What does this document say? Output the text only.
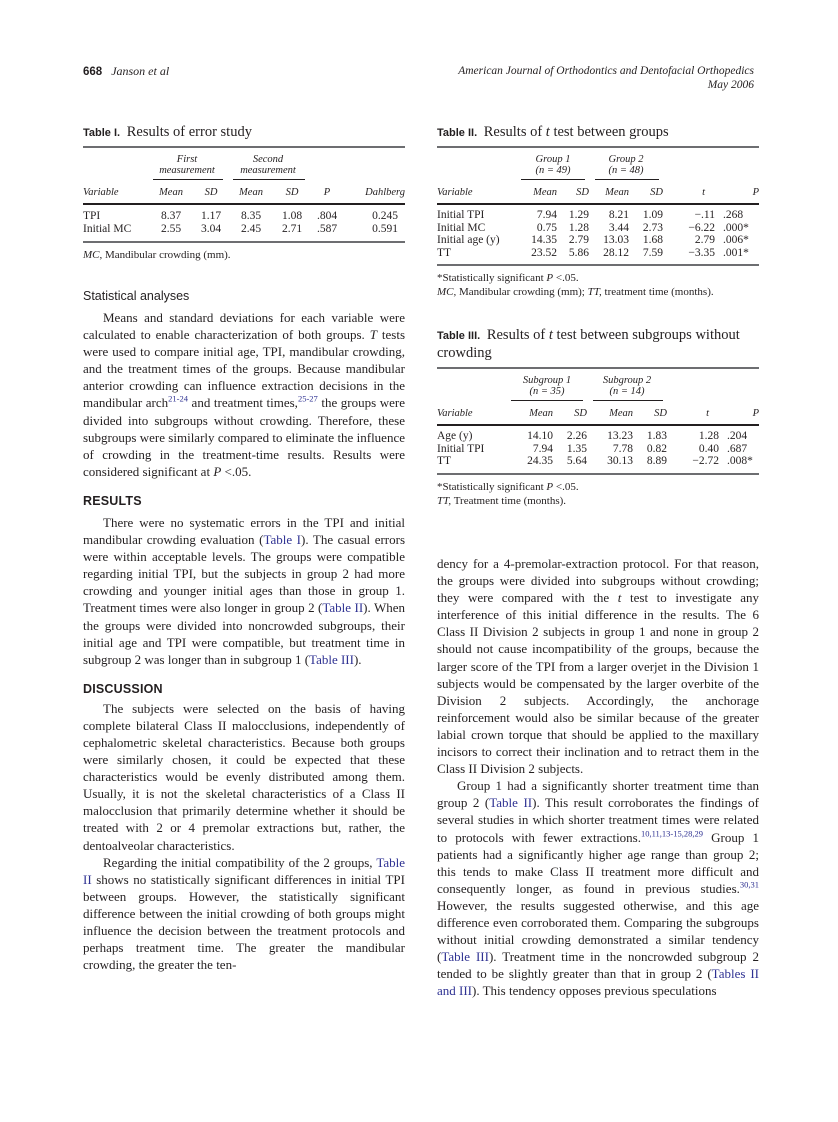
668 Janson et al	American Journal of Orthodontics and Dentofacial Orthopedics
May 2006
Table I. Results of error study

First
measurement

Second
measurement

Variable	Mean	SD	Mean	SD	P	Dahlberg

TPI	8.37	1.17	8.35	1.08	.804	0.245
Initial MC	2.55	3.04	2.45	2.71	.587	0.591

MC, Mandibular crowding (mm).
Statistical analyses

Means and standard deviations for each variable were calculated to enable characterization of both groups. T tests were used to compare initial age, TPI, mandibular crowding, and the treatment times of the groups. Because mandibular anterior crowding can influence extraction decisions in the mandibular arch$^{21-24}$ and treatment times,$^{25-27}$ the groups were divided into subgroups without crowding. Therefore, these subgroups were similarly compared to eliminate the influence of crowding in the treatment-time results. Results were considered significant at P <.05.

RESULTS

There were no systematic errors in the TPI and initial mandibular crowding evaluation (Table I). The casual errors were within acceptable levels. The groups were compatible regarding initial TPI, but the subjects in group 2 had more crowding and younger initial ages than those in group 1. Treatment times were also longer in group 2 (Table II). When the groups were divided into noncrowded subgroups, their initial age and TPI were compatible, but treatment time in subgroup 2 was longer than in subgroup 1 (Table III).

DISCUSSION

The subjects were selected on the basis of having complete bilateral Class II malocclusions, independently of cephalometric skeletal characteristics. Because both groups were similarly chosen, it could be expected that these characteristics would be evenly distributed among them. Usually, it is not the skeletal characteristics of a Class II malocclusion that primarily determine whether it should be treated with 2 or 4 premolar extractions but, rather, the dentoalveolar characteristics.

Regarding the initial compatibility of the 2 groups, Table II shows no statistically significant differences in initial TPI between groups. However, the statistically significant difference between the initial crowding of both groups might influence the decision between the treatment protocols and perhaps treatment time. The greater the mandibular crowding, the greater the ten-

Table II. Results of t test between groups

Group 1
(n = 49)

Group 2
(n = 48)

Variable	Mean	SD	Mean	SD	t	P

Initial TPI	7.94	1.29	8.21	1.09	−.11	.268
Initial MC	0.75	1.28	3.44	2.73	−6.22	.000*
Initial age (y)	14.35	2.79	13.03	1.68	2.79	.006*
TT	23.52	5.86	28.12	7.59	−3.35	.001*

*Statistically significant P <.05.
MC, Mandibular crowding (mm); TT, treatment time (months).
Table III. Results of t test between subgroups without crowding

Subgroup 1
(n = 35)

Subgroup 2
(n = 14)

Variable	Mean	SD	Mean	SD	t	P

Age (y)	14.10	2.26	13.23	1.83	1.28	.204
Initial TPI	7.94	1.35	7.78	0.82	0.40	.687
TT	24.35	5.64	30.13	8.89	−2.72	.008*

*Statistically significant P <.05.
TT, Treatment time (months).

dency for a 4-premolar-extraction protocol. For that reason, the groups were divided into subgroups without crowding; they were compared with the t test to investigate any interference of this initial difference in the results. The 6 Class II Division 2 subjects in group 1 and none in group 2 should not cause incompatibility of the groups, because the larger score of the TPI from a larger overjet in the Division 1 subjects would be compensated by the larger overbite of the Division 2 subjects. Accordingly, the anchorage reinforcement would also be similar because of the greater labial crown torque that should be applied to the maxillary incisors to correct their inclination and to retract them in the Class II Division 2 subjects.

Group 1 had a significantly shorter treatment time than group 2 (Table II). This result corroborates the findings of several studies in which shorter treatment times were related to protocols with fewer extractions.$^{10,11,13-15,28,29}$ Group 1 patients had a significantly higher age range than group 2; this tends to make Class II treatment more difficult and consequently longer, as found in previous studies.$^{30,31}$ However, the results suggested otherwise, and this age difference even corroborated them. Comparing the subgroups without initial crowding demonstrated a similar tendency (Table III). Treatment time in the noncrowded subgroup 2 tended to be slightly greater than that in group 2 (Tables II and III). This tendency opposes previous speculations
